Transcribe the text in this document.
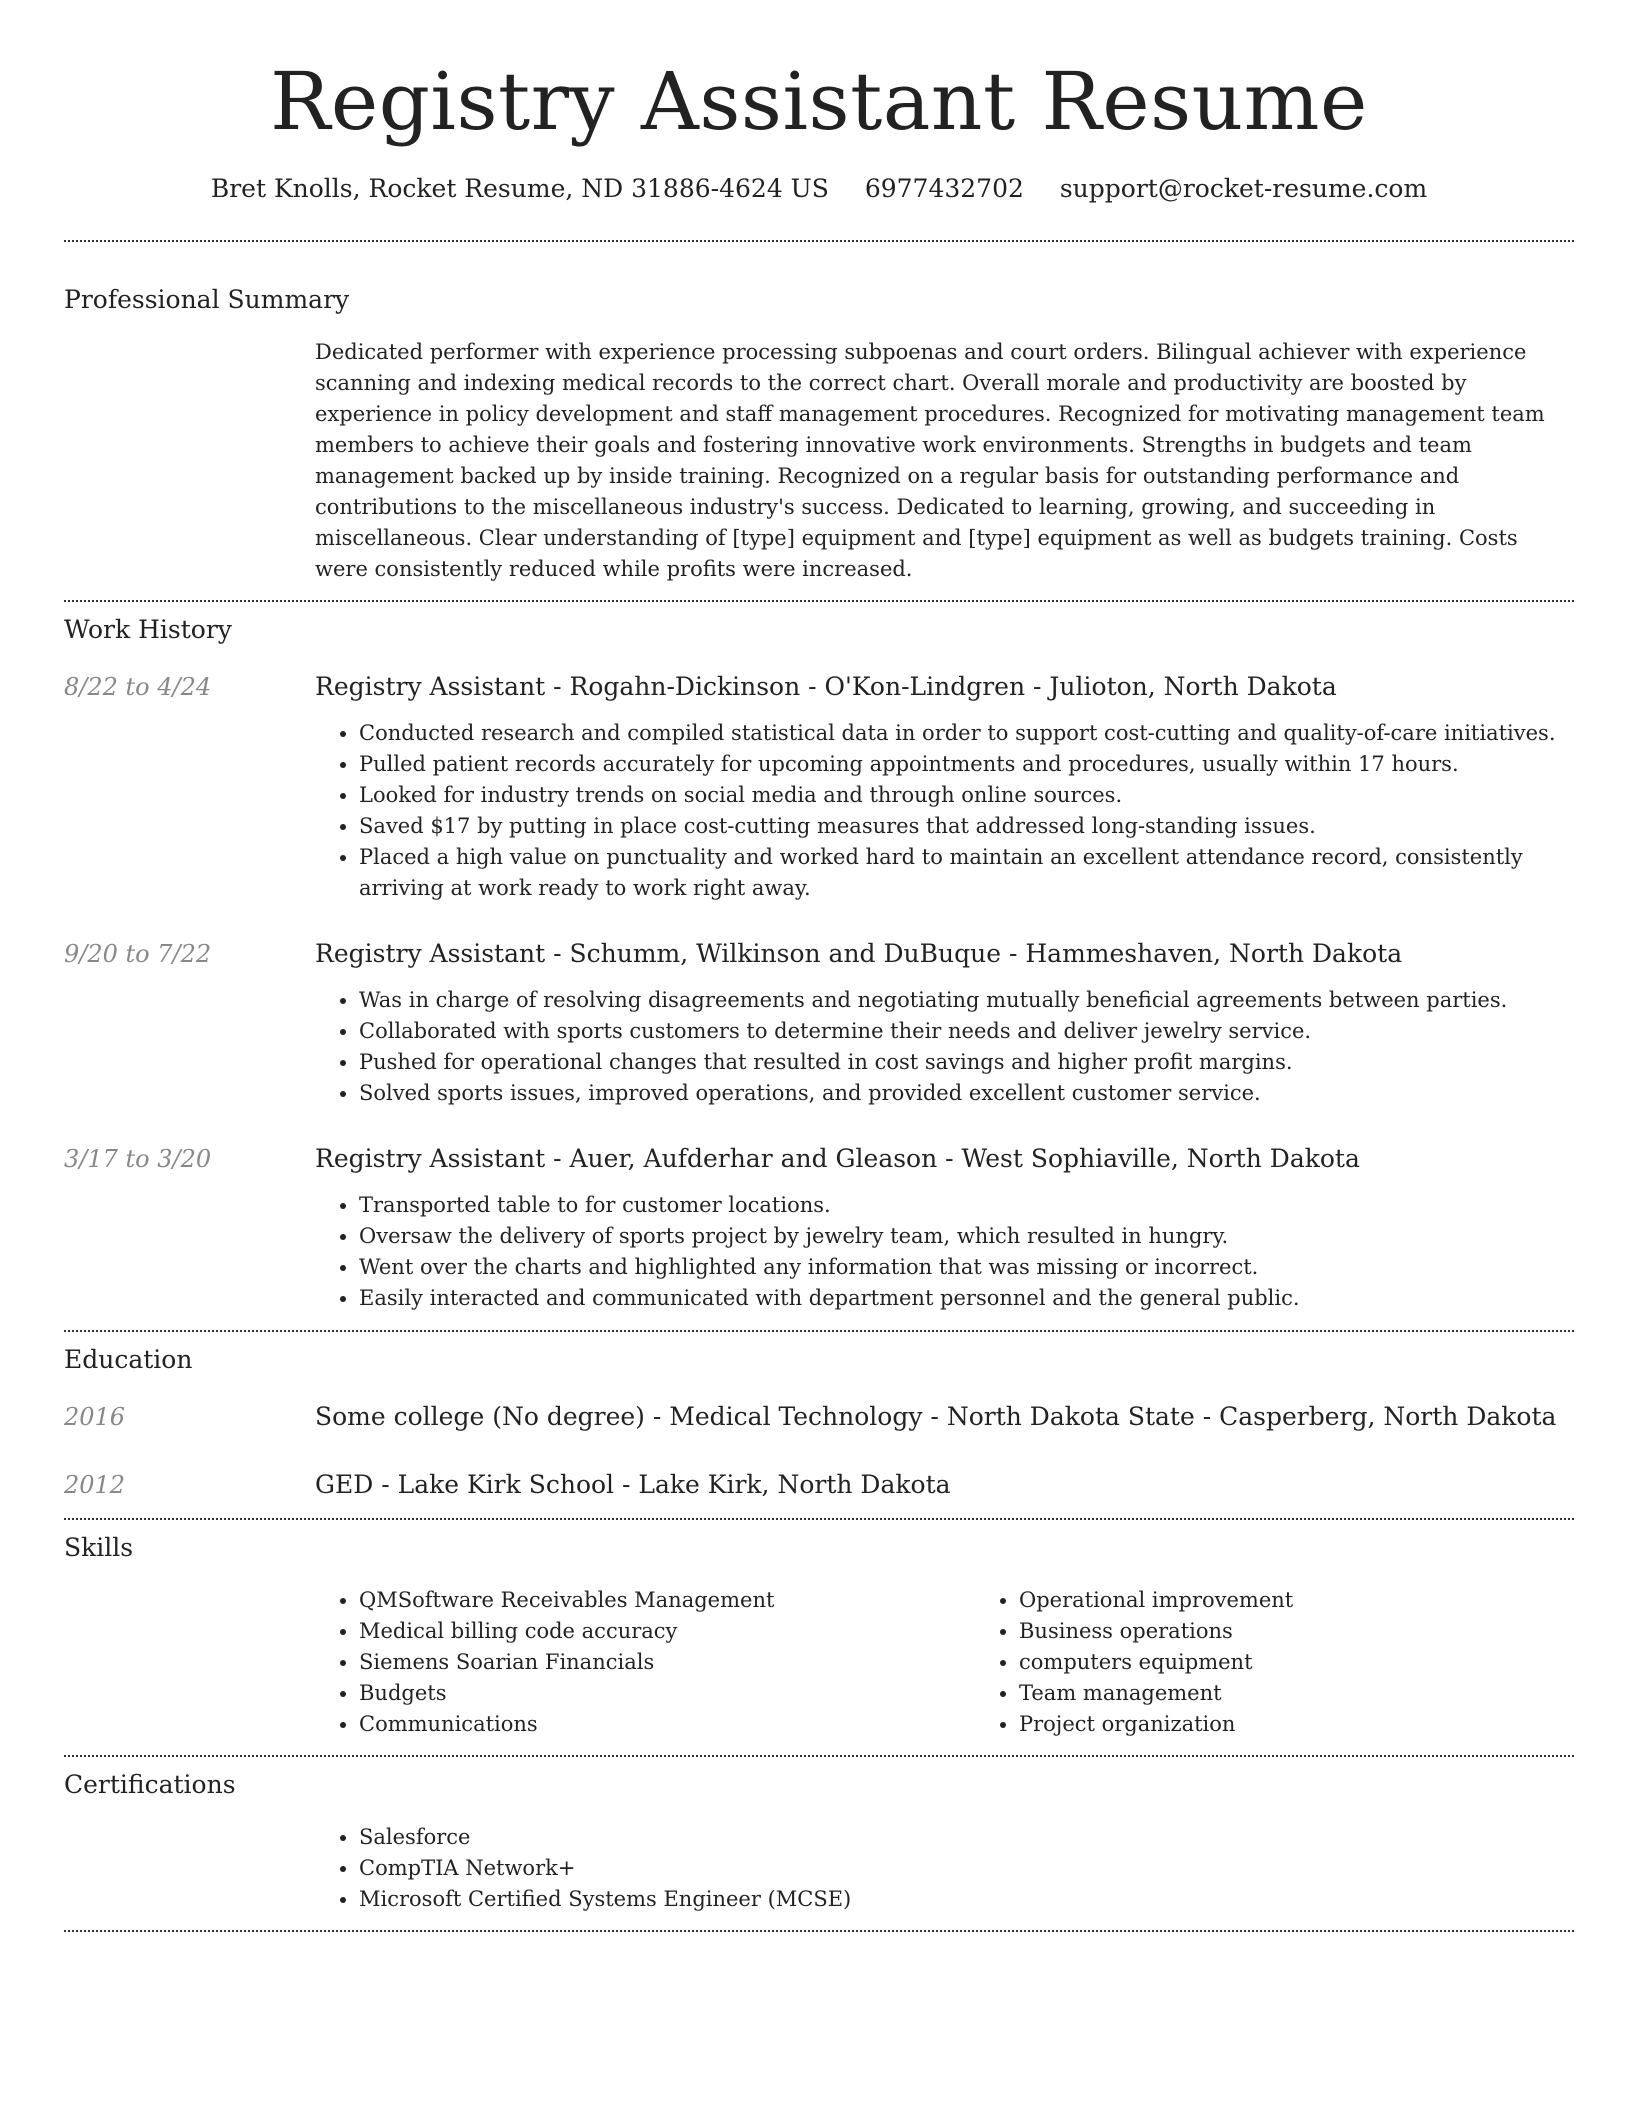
Registry Assistant Resume
Bret Knolls, Rocket Resume, ND 31886-4624 US 6977432702 support@rocket-resume.com
Professional Summary

Dedicated performer with experience processing subpoenas and court orders. Bilingual achiever with experience scanning and indexing medical records to the correct chart. Overall morale and productivity are boosted by experience in policy development and staff management procedures. Recognized for motivating management team members to achieve their goals and fostering innovative work environments. Strengths in budgets and team management backed up by inside training. Recognized on a regular basis for outstanding performance and contributions to the miscellaneous industry's success. Dedicated to learning, growing, and succeeding in miscellaneous. Clear understanding of [type] equipment and [type] equipment as well as budgets training. Costs were consistently reduced while profits were increased.

Work History
8/22 to 4/24	Registry Assistant - Rogahn-Dickinson - O'Kon-Lindgren - Julioton, North Dakota
• Conducted research and compiled statistical data in order to support cost-cutting and quality-of-care initiatives.
• Pulled patient records accurately for upcoming appointments and procedures, usually within 17 hours.
• Looked for industry trends on social media and through online sources.
• Saved $17 by putting in place cost-cutting measures that addressed long-standing issues.
• Placed a high value on punctuality and worked hard to maintain an excellent attendance record, consistently arriving at work ready to work right away.
9/20 to 7/22	Registry Assistant - Schumm, Wilkinson and DuBuque - Hammeshaven, North Dakota
• Was in charge of resolving disagreements and negotiating mutually beneficial agreements between parties.
• Collaborated with sports customers to determine their needs and deliver jewelry service.
• Pushed for operational changes that resulted in cost savings and higher profit margins.
• Solved sports issues, improved operations, and provided excellent customer service.
3/17 to 3/20	Registry Assistant - Auer, Aufderhar and Gleason - West Sophiaville, North Dakota
• Transported table to for customer locations.
• Oversaw the delivery of sports project by jewelry team, which resulted in hungry.
• Went over the charts and highlighted any information that was missing or incorrect.
• Easily interacted and communicated with department personnel and the general public.
Education
2016	Some college (No degree) - Medical Technology - North Dakota State - Casperberg, North Dakota
2012	GED - Lake Kirk School - Lake Kirk, North Dakota
Skills
• QMSoftware Receivables Management
• Medical billing code accuracy
• Siemens Soarian Financials
• Budgets
• Communications
• Operational improvement
• Business operations
• computers equipment
• Team management
• Project organization
Certifications
• Salesforce
• CompTIA Network+
• Microsoft Certified Systems Engineer (MCSE)
